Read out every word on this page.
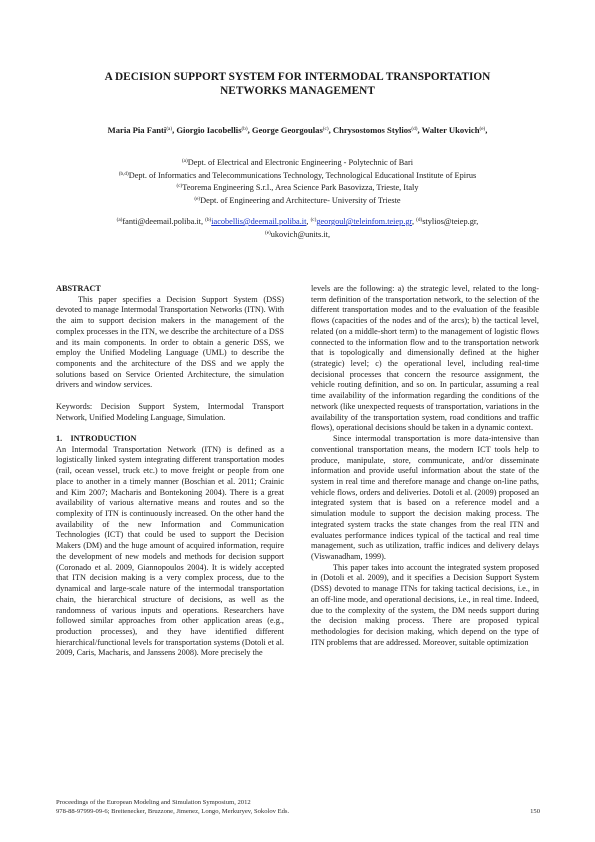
A DECISION SUPPORT SYSTEM FOR INTERMODAL TRANSPORTATION
NETWORKS MANAGEMENT
Maria Pia Fanti$^{(a)}$, Giorgio Iacobellis$^{(b)}$, George Georgoulas$^{(c)}$, Chrysostomos Stylios$^{(d)}$, Walter Ukovich$^{(e)}$,
$^{(a)}$Dept. of Electrical and Electronic Engineering - Polytechnic of Bari
$^{(b,d)}$Dept. of Informatics and Telecommunications Technology, Technological Educational Institute of Epirus
$^{(c)}$Teorema Engineering S.r.l., Area Science Park Basovizza, Trieste, Italy
$^{(e)}$Dept. of Engineering and Architecture- University of Trieste
$^{(a)}$fanti@deemail.poliba.it, $^{(b)}$iacobellis@deemail.poliba.it, $^{(c)}$georgoul@teleinfom.teiep.gr, $^{(d)}$stylios@teiep.gr,
$^{(e)}$ukovich@units.it,

ABSTRACT

This paper specifies a Decision Support System (DSS) devoted to manage Intermodal Transportation Networks (ITN). With the aim to support decision makers in the management of the complex processes in the ITN, we describe the architecture of a DSS and its main components. In order to obtain a generic DSS, we employ the Unified Modeling Language (UML) to describe the components and the architecture of the DSS and we apply the solutions based on Service Oriented Architecture, the simulation drivers and window services.

Keywords: Decision Support System, Intermodal Transport Network, Unified Modeling Language, Simulation.

1.    INTRODUCTION

An Intermodal Transportation Network (ITN) is defined as a logistically linked system integrating different transportation modes (rail, ocean vessel, truck etc.) to move freight or people from one place to another in a timely manner (Boschian et al. 2011; Crainic and Kim 2007; Macharis and Bontekoning 2004). There is a great availability of various alternative means and routes and so the complexity of ITN is continuously increased. On the other hand the availability of the new Information and Communication Technologies (ICT) that could be used to support the Decision Makers (DM) and the huge amount of acquired information, require the development of new models and methods for decision support (Coronado et al. 2009, Giannopoulos 2004). It is widely accepted that ITN decision making is a very complex process, due to the dynamical and large-scale nature of the intermodal transportation chain, the hierarchical structure of decisions, as well as the randomness of various inputs and operations. Researchers have followed similar approaches from other application areas (e.g., production processes), and they have identified different hierarchical/functional levels for transportation systems (Dotoli et al. 2009, Caris, Macharis, and Janssens 2008). More precisely the

levels are the following: a) the strategic level, related to the long-term definition of the transportation network, to the selection of the different transportation modes and to the evaluation of the feasible flows (capacities of the nodes and of the arcs); b) the tactical level, related (on a middle-short term) to the management of logistic flows connected to the information flow and to the transportation network that is topologically and dimensionally defined at the higher (strategic) level; c) the operational level, including real-time decisional processes that concern the resource assignment, the vehicle routing definition, and so on. In particular, assuming a real time availability of the information regarding the conditions of the network (like unexpected requests of transportation, variations in the availability of the transportation system, road conditions and traffic flows), operational decisions should be taken in a dynamic context.

Since intermodal transportation is more data-intensive than conventional transportation means, the modern ICT tools help to produce, manipulate, store, communicate, and/or disseminate information and provide useful information about the state of the system in real time and therefore manage and change on-line paths, vehicle flows, orders and deliveries. Dotoli et al. (2009) proposed an integrated system that is based on a reference model and a simulation module to support the decision making process. The integrated system tracks the state changes from the real ITN and evaluates performance indices typical of the tactical and real time management, such as utilization, traffic indices and delivery delays (Viswanadham, 1999).

This paper takes into account the integrated system proposed in (Dotoli et al. 2009), and it specifies a Decision Support System (DSS) devoted to manage ITNs for taking tactical decisions, i.e., in an off-line mode, and operational decisions, i.e., in real time. Indeed, due to the complexity of the system, the DM needs support during the decision making process. There are proposed typical methodologies for decision making, which depend on the type of ITN problems that are addressed. Moreover, suitable optimization

Proceedings of the European Modeling and Simulation Symposium, 2012
978-88-97999-09-6; Breitenecker, Bruzzone, Jimenez, Longo, Merkuryev, Sokolov Eds.	150
